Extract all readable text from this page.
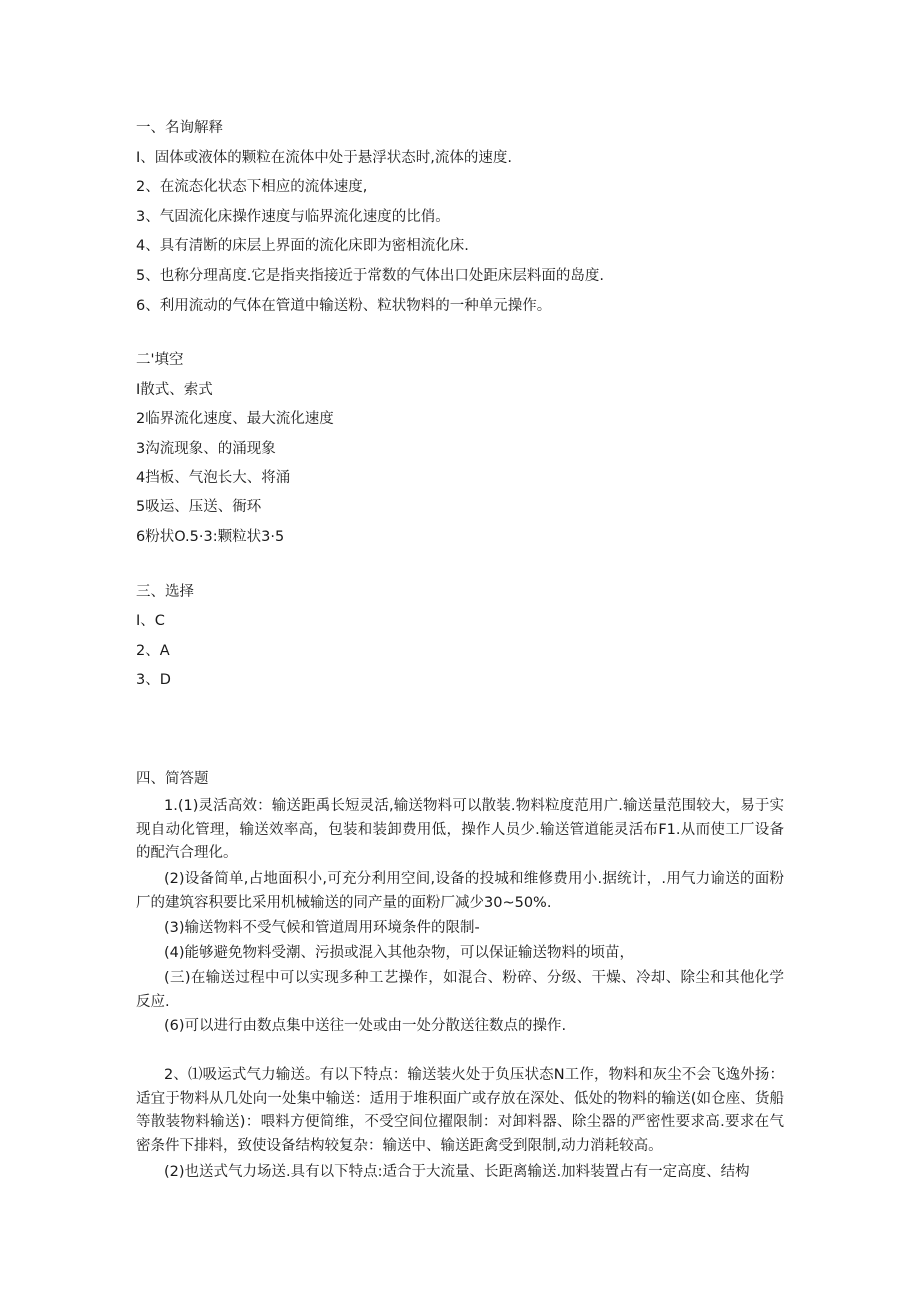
一、名询解释

I、固体或液体的颗粒在流体中处于悬浮状态时,流体的速度.

2、在流态化状态下相应的流体速度,

3、气固流化床操作速度与临界流化速度的比俏。

4、具有清断的床层上界面的流化床即为密相流化床.

5、也称分理髙度.它是指夹指接近于常数的气体出口处距床层料面的岛度.

6、利用流动的气体在管道中输送粉、粒状物料的一种单元操作。

二'填空

I散式、索式

2临界流化速度、最大流化速度

3沟流现象、的涌现象

4挡板、气泡长大、将涌

5吸运、压送、衙环

6粉状O.5·3:颗粒状3·5

三、选择

I、C

2、A

3、D

四、简答题

1.(1)灵活高效：输送距禹长短灵活,输送物料可以散装.物料粒度范用广.输送量范围较大，易于实现自动化管理，输送效率高，包装和装卸费用低，操作人员少.输送管道能灵活布F1.从而使工厂设备的配汽合理化。

(2)设备简单,占地面积小,可充分利用空间,设备的投城和维修费用小.据统计，.用气力谕送的面粉厂的建筑容积要比采用机械输送的同产量的面粉厂减少30~50%.

(3)输送物料不受气候和管道周用环境条件的限制-

(4)能够避免物料受潮、污损或混入其他杂物，可以保证输送物料的顷苗，

(三)在输送过程中可以实现多种工艺操作，如混合、粉碎、分级、干燥、冷却、除尘和其他化学反应.

(6)可以进行由数点集中送往一处或由一处分散送往数点的操作.

2、⑴吸运式气力输送。有以下特点：输送装火处于负压状态N工作，物料和灰尘不会飞逸外扬：适宜于物料从几处向一处集中输送：适用于堆积面广或存放在深处、低处的物料的输送(如仓座、货船等散装物料输送)：喂料方便简维，不受空间位擢限制：对卸料器、除尘器的严密性要求高.要求在气密条件下排料，致使设备结构较复杂：输送中、输送距禽受到限制,动力消耗较高。

(2)也送式气力场送.具有以下特点:适合于大流量、长距离输送.加料装置占有一定高度、结构
